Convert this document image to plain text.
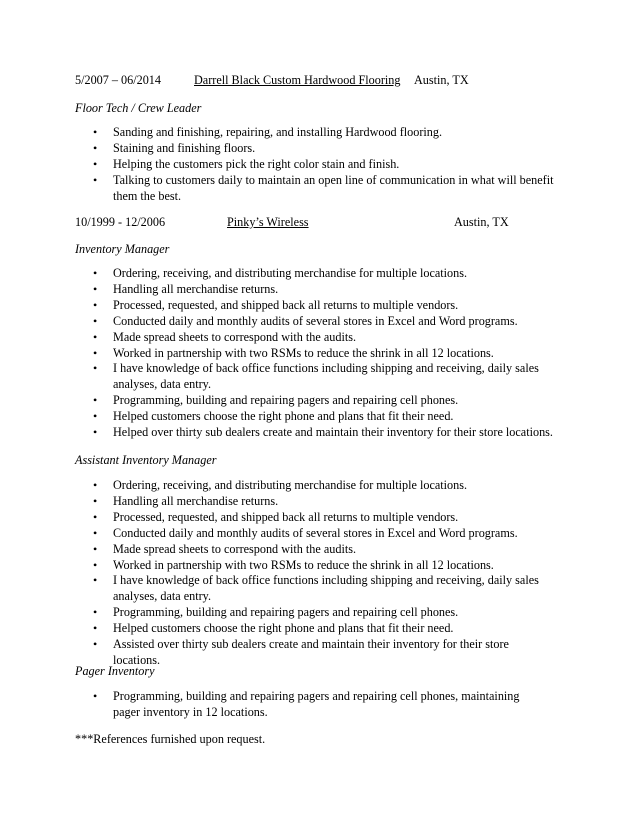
5/2007 – 06/2014	Darrell Black Custom Hardwood Flooring Austin, TX
Floor Tech / Crew Leader
• Sanding and finishing, repairing, and installing Hardwood flooring.
• Staining and finishing floors.
• Helping the customers pick the right color stain and finish.
• Talking to customers daily to maintain an open line of communication in what will benefit them the best.
10/1999 - 12/2006	Pinky’s Wireless	Austin, TX
Inventory Manager
• Ordering, receiving, and distributing merchandise for multiple locations.
• Handling all merchandise returns.
• Processed, requested, and shipped back all returns to multiple vendors.
• Conducted daily and monthly audits of several stores in Excel and Word programs.
• Made spread sheets to correspond with the audits.
• Worked in partnership with two RSMs to reduce the shrink in all 12 locations.
• I have knowledge of back office functions including shipping and receiving, daily sales analyses, data entry.
• Programming, building and repairing pagers and repairing cell phones.
• Helped customers choose the right phone and plans that fit their need.
• Helped over thirty sub dealers create and maintain their inventory for their store locations.
Assistant Inventory Manager
• Ordering, receiving, and distributing merchandise for multiple locations.
• Handling all merchandise returns.
• Processed, requested, and shipped back all returns to multiple vendors.
• Conducted daily and monthly audits of several stores in Excel and Word programs.
• Made spread sheets to correspond with the audits.
• Worked in partnership with two RSMs to reduce the shrink in all 12 locations.
• I have knowledge of back office functions including shipping and receiving, daily sales analyses, data entry.
• Programming, building and repairing pagers and repairing cell phones.
• Helped customers choose the right phone and plans that fit their need.
• Assisted over thirty sub dealers create and maintain their inventory for their store locations.
Pager Inventory
• Programming, building and repairing pagers and repairing cell phones, maintaining pager inventory in 12 locations.
***References furnished upon request.
